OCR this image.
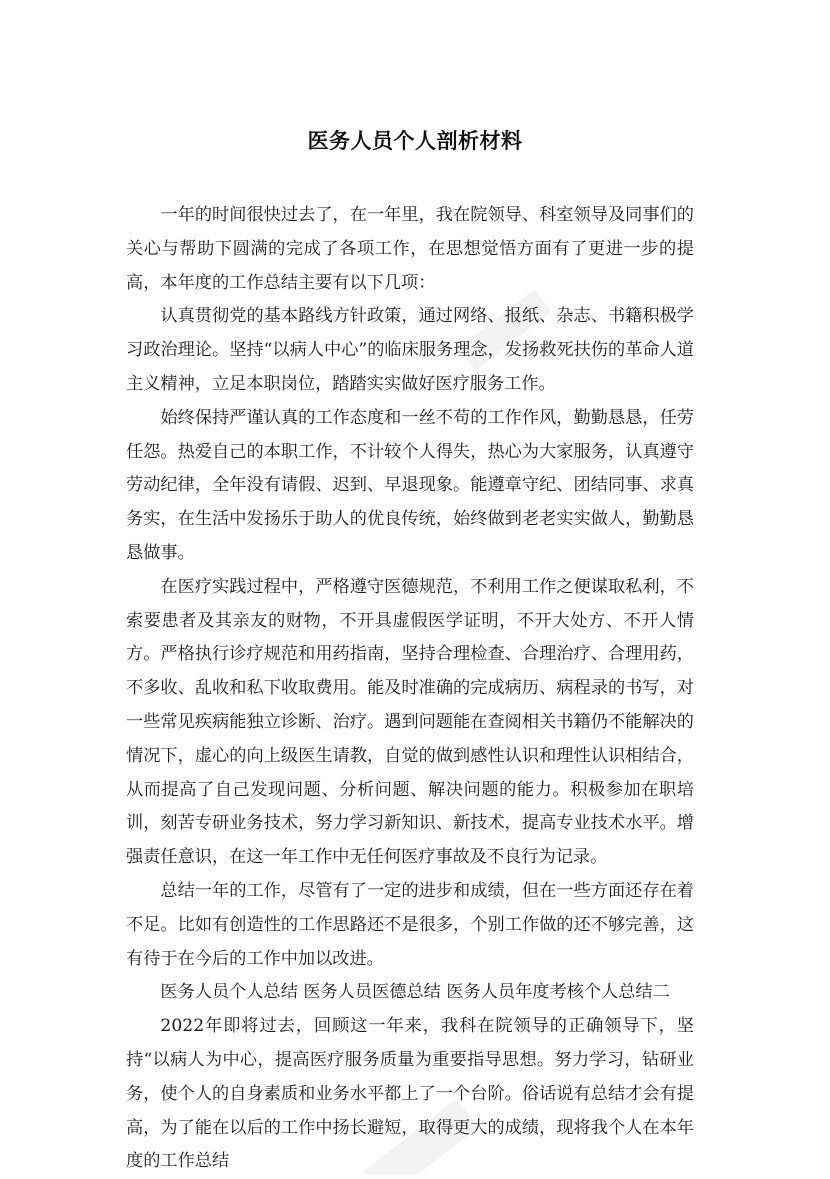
医务人员个人剖析材料

一年的时间很快过去了，在一年里，我在院领导、科室领导及同事们的关心与帮助下圆满的完成了各项工作，在思想觉悟方面有了更进一步的提高，本年度的工作总结主要有以下几项：

认真贯彻党的基本路线方针政策，通过网络、报纸、杂志、书籍积极学习政治理论。坚持“以病人中心”的临床服务理念，发扬救死扶伤的革命人道主义精神，立足本职岗位，踏踏实实做好医疗服务工作。

始终保持严谨认真的工作态度和一丝不苟的工作作风，勤勤恳恳，任劳任怨。热爱自己的本职工作，不计较个人得失，热心为大家服务，认真遵守劳动纪律，全年没有请假、迟到、早退现象。能遵章守纪、团结同事、求真务实，在生活中发扬乐于助人的优良传统，始终做到老老实实做人，勤勤恳恳做事。

在医疗实践过程中，严格遵守医德规范，不利用工作之便谋取私利，不索要患者及其亲友的财物，不开具虚假医学证明，不开大处方、不开人情方。严格执行诊疗规范和用药指南，坚持合理检查、合理治疗、合理用药，不多收、乱收和私下收取费用。能及时准确的完成病历、病程录的书写，对一些常见疾病能独立诊断、治疗。遇到问题能在查阅相关书籍仍不能解决的情况下，虚心的向上级医生请教，自觉的做到感性认识和理性认识相结合，从而提高了自己发现问题、分析问题、解决问题的能力。积极参加在职培训，刻苦专研业务技术，努力学习新知识、新技术，提高专业技术水平。增强责任意识，在这一年工作中无任何医疗事故及不良行为记录。

总结一年的工作，尽管有了一定的进步和成绩，但在一些方面还存在着不足。比如有创造性的工作思路还不是很多，个别工作做的还不够完善，这有待于在今后的工作中加以改进。

医务人员个人总结 医务人员医德总结 医务人员年度考核个人总结二

2022年即将过去，回顾这一年来，我科在院领导的正确领导下，坚持“以病人为中心，提高医疗服务质量为重要指导思想。努力学习，钻研业务，使个人的自身素质和业务水平都上了一个台阶。俗话说有总结才会有提高，为了能在以后的工作中扬长避短，取得更大的成绩，现将我个人在本年度的工作总结
